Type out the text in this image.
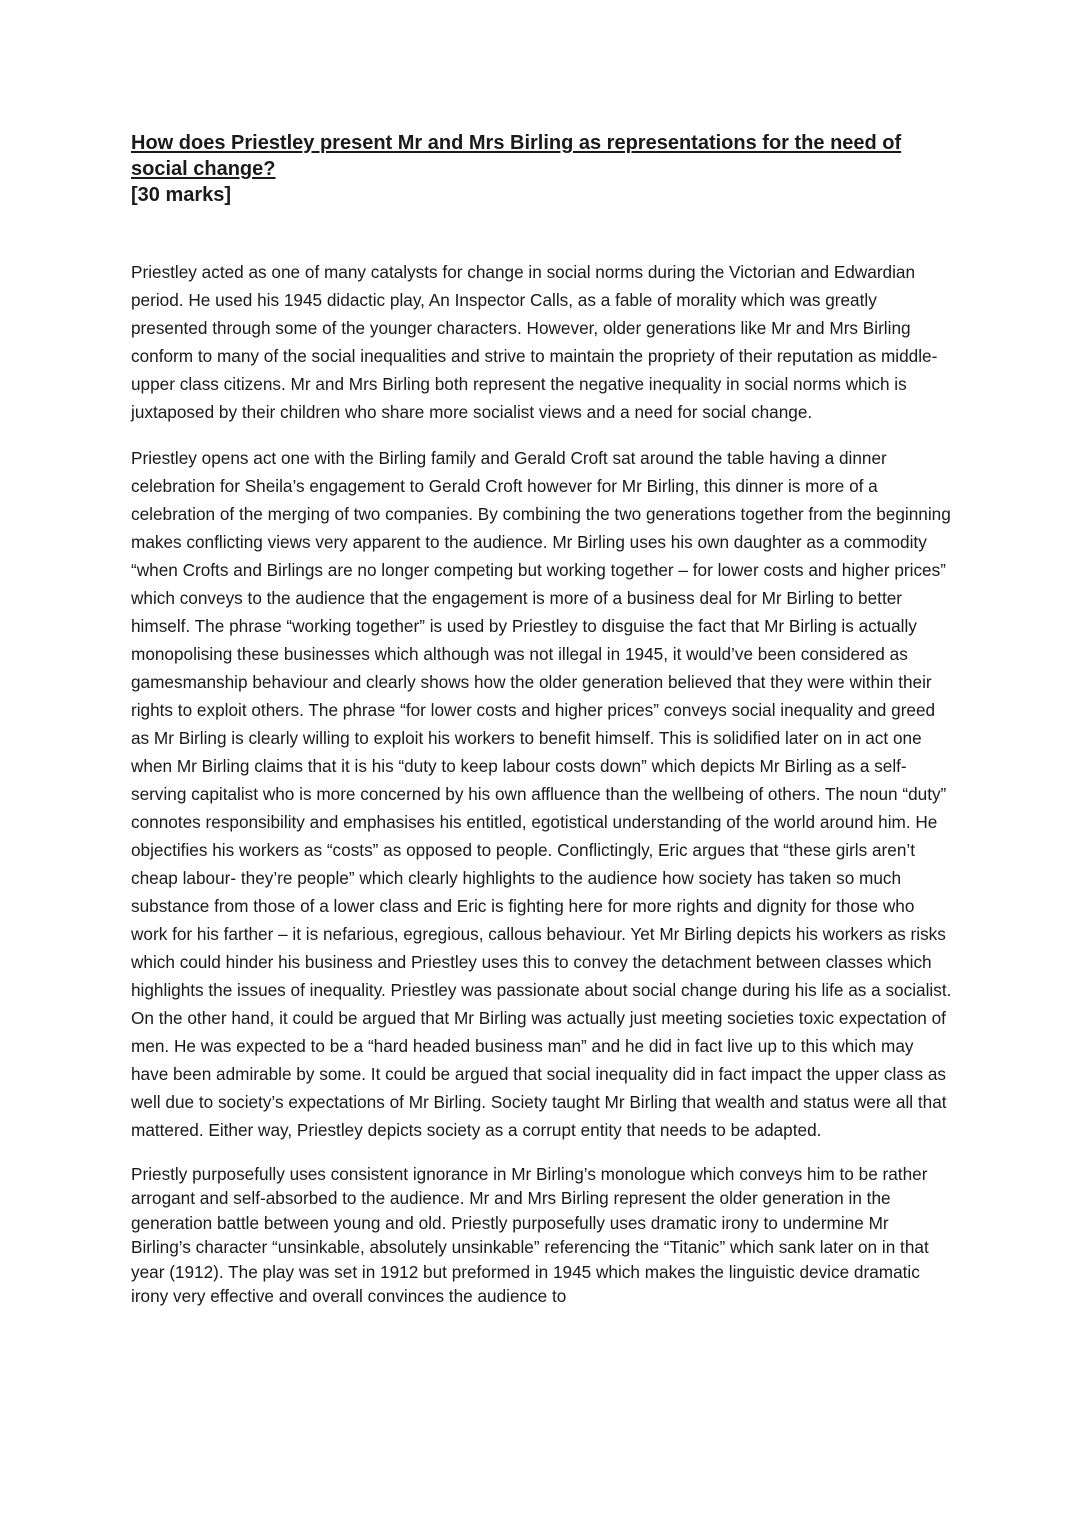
How does Priestley present Mr and Mrs Birling as representations for the need of social change?

[30 marks]

Priestley acted as one of many catalysts for change in social norms during the Victorian and Edwardian period. He used his 1945 didactic play, An Inspector Calls, as a fable of morality which was greatly presented through some of the younger characters. However, older generations like Mr and Mrs Birling conform to many of the social inequalities and strive to maintain the propriety of their reputation as middle-upper class citizens. Mr and Mrs Birling both represent the negative inequality in social norms which is juxtaposed by their children who share more socialist views and a need for social change.

Priestley opens act one with the Birling family and Gerald Croft sat around the table having a dinner celebration for Sheila’s engagement to Gerald Croft however for Mr Birling, this dinner is more of a celebration of the merging of two companies. By combining the two generations together from the beginning makes conflicting views very apparent to the audience. Mr Birling uses his own daughter as a commodity “when Crofts and Birlings are no longer competing but working together – for lower costs and higher prices” which conveys to the audience that the engagement is more of a business deal for Mr Birling to better himself. The phrase “working together” is used by Priestley to disguise the fact that Mr Birling is actually monopolising these businesses which although was not illegal in 1945, it would’ve been considered as gamesmanship behaviour and clearly shows how the older generation believed that they were within their rights to exploit others. The phrase “for lower costs and higher prices” conveys social inequality and greed as Mr Birling is clearly willing to exploit his workers to benefit himself. This is solidified later on in act one when Mr Birling claims that it is his “duty to keep labour costs down” which depicts Mr Birling as a self-serving capitalist who is more concerned by his own affluence than the wellbeing of others. The noun “duty” connotes responsibility and emphasises his entitled, egotistical understanding of the world around him. He objectifies his workers as “costs” as opposed to people. Conflictingly, Eric argues that “these girls aren’t cheap labour- they’re people” which clearly highlights to the audience how society has taken so much substance from those of a lower class and Eric is fighting here for more rights and dignity for those who work for his farther – it is nefarious, egregious, callous behaviour. Yet Mr Birling depicts his workers as risks which could hinder his business and Priestley uses this to convey the detachment between classes which highlights the issues of inequality. Priestley was passionate about social change during his life as a socialist. On the other hand, it could be argued that Mr Birling was actually just meeting societies toxic expectation of men. He was expected to be a “hard headed business man” and he did in fact live up to this which may have been admirable by some. It could be argued that social inequality did in fact impact the upper class as well due to society’s expectations of Mr Birling. Society taught Mr Birling that wealth and status were all that mattered. Either way, Priestley depicts society as a corrupt entity that needs to be adapted.

Priestly purposefully uses consistent ignorance in Mr Birling’s monologue which conveys him to be rather arrogant and self-absorbed to the audience. Mr and Mrs Birling represent the older generation in the generation battle between young and old. Priestly purposefully uses dramatic irony to undermine Mr Birling’s character “unsinkable, absolutely unsinkable” referencing the “Titanic” which sank later on in that year (1912). The play was set in 1912 but preformed in 1945 which makes the linguistic device dramatic irony very effective and overall convinces the audience to
